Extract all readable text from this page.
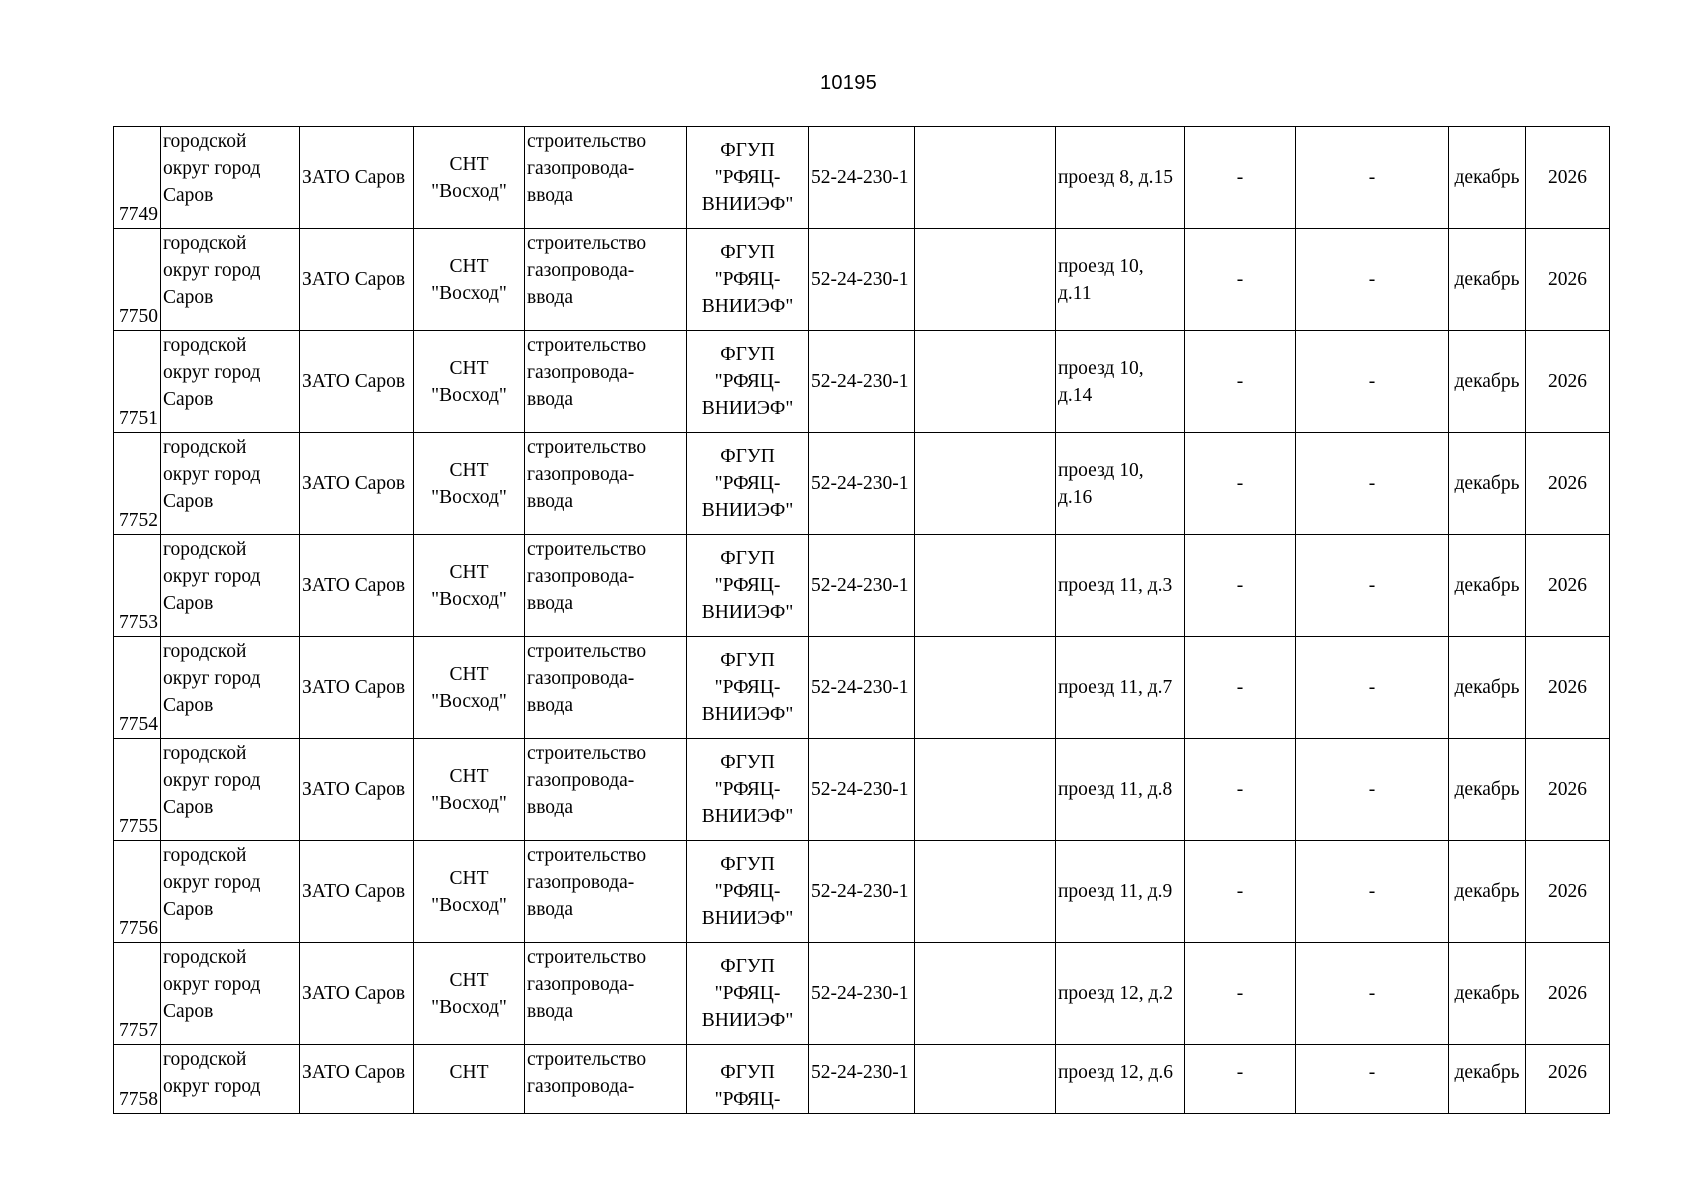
10195
7749	городской
округ город
Саров	ЗАТО Саров	СНТ
"Восход"	строительство
газопровода-
ввода	ФГУП
"РФЯЦ-
ВНИИЭФ"	52-24-230-1		проезд 8, д.15	-	-	декабрь	2026

7750	городской
округ город
Саров	ЗАТО Саров	СНТ
"Восход"	строительство
газопровода-
ввода	ФГУП
"РФЯЦ-
ВНИИЭФ"	52-24-230-1		проезд 10,
д.11	-	-	декабрь	2026

7751	городской
округ город
Саров	ЗАТО Саров	СНТ
"Восход"	строительство
газопровода-
ввода	ФГУП
"РФЯЦ-
ВНИИЭФ"	52-24-230-1		проезд 10,
д.14	-	-	декабрь	2026

7752	городской
округ город
Саров	ЗАТО Саров	СНТ
"Восход"	строительство
газопровода-
ввода	ФГУП
"РФЯЦ-
ВНИИЭФ"	52-24-230-1		проезд 10,
д.16	-	-	декабрь	2026

7753	городской
округ город
Саров	ЗАТО Саров	СНТ
"Восход"	строительство
газопровода-
ввода	ФГУП
"РФЯЦ-
ВНИИЭФ"	52-24-230-1		проезд 11, д.3	-	-	декабрь	2026

7754	городской
округ город
Саров	ЗАТО Саров	СНТ
"Восход"	строительство
газопровода-
ввода	ФГУП
"РФЯЦ-
ВНИИЭФ"	52-24-230-1		проезд 11, д.7	-	-	декабрь	2026

7755	городской
округ город
Саров	ЗАТО Саров	СНТ
"Восход"	строительство
газопровода-
ввода	ФГУП
"РФЯЦ-
ВНИИЭФ"	52-24-230-1		проезд 11, д.8	-	-	декабрь	2026

7756	городской
округ город
Саров	ЗАТО Саров	СНТ
"Восход"	строительство
газопровода-
ввода	ФГУП
"РФЯЦ-
ВНИИЭФ"	52-24-230-1		проезд 11, д.9	-	-	декабрь	2026

7757	городской
округ город
Саров	ЗАТО Саров	СНТ
"Восход"	строительство
газопровода-
ввода	ФГУП
"РФЯЦ-
ВНИИЭФ"	52-24-230-1		проезд 12, д.2	-	-	декабрь	2026

7758	городской
округ город	ЗАТО Саров	СНТ	строительство
газопровода-	ФГУП
"РФЯЦ-	52-24-230-1		проезд 12, д.6	-	-	декабрь	2026
